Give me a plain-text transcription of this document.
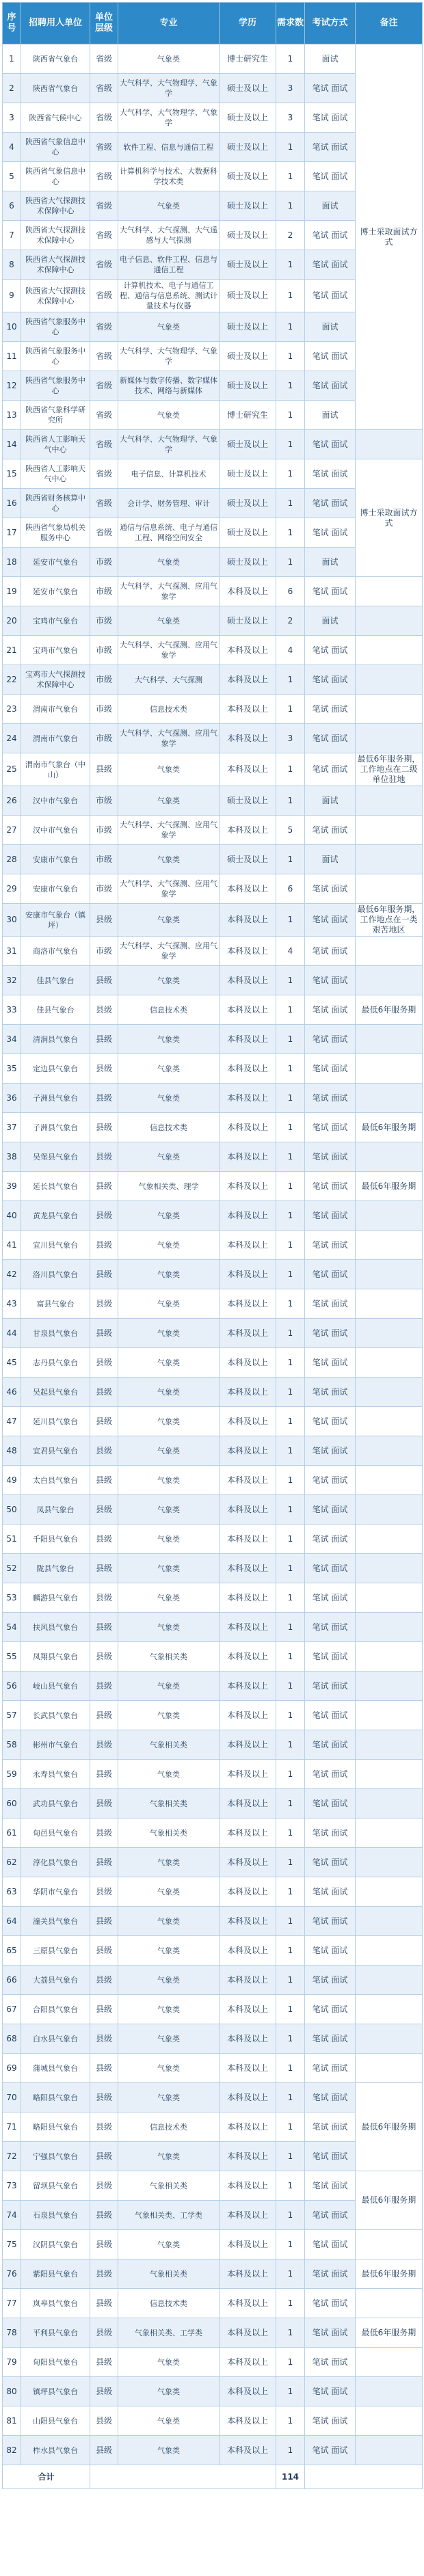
序号	招聘用人单位	单位层级	专业	学历	需求数	考试方式	备注
1	陕西省气象台	省级	气象类	博士研究生	1	面试	博士采取面试方式
2	陕西省气象台	省级	大气科学、大气物理学、气象学	硕士及以上	3	笔试 面试	
3	陕西省气候中心	省级	大气科学、大气物理学、气象学	硕士及以上	3	笔试 面试	
4	陕西省气象信息中心	省级	软件工程、信息与通信工程	硕士及以上	1	笔试 面试	
5	陕西省气象信息中心	省级	计算机科学与技术、大数据科学技术类	硕士及以上	1	笔试 面试	
6	陕西省大气探测技术保障中心	省级	气象类	硕士及以上	1	面试	
7	陕西省大气探测技术保障中心	省级	大气科学、大气探测、大气遥感与大气探测	硕士及以上	2	笔试 面试	
8	陕西省大气探测技术保障中心	省级	电子信息、软件工程、信息与通信工程	硕士及以上	1	笔试 面试	
9	陕西省大气探测技术保障中心	省级	计算机技术、电子与通信工程、通信与信息系统、测试计量技术与仪器	硕士及以上	1	笔试 面试	
10	陕西省气象服务中心	省级	气象类	硕士及以上	1	面试	
11	陕西省气象服务中心	省级	大气科学、大气物理学、气象学	硕士及以上	1	笔试 面试	
12	陕西省气象服务中心	省级	新媒体与数字传播、数字媒体技术、网络与新媒体	硕士及以上	1	笔试 面试	
13	陕西省气象科学研究所	省级	气象类	博士研究生	1	面试	
14	陕西省人工影响天气中心	省级	大气科学、大气物理学、气象学	硕士及以上	1	笔试 面试	
15	陕西省人工影响天气中心	省级	电子信息、计算机技术	硕士及以上	1	笔试 面试	博士采取面试方式
16	陕西省财务核算中心	省级	会计学、财务管理、审计	硕士及以上	1	笔试 面试	
17	陕西省气象局机关服务中心	省级	通信与信息系统、电子与通信工程、网络空间安全	硕士及以上	1	笔试 面试	
18	延安市气象台	市级	气象类	硕士及以上	1	面试	
19	延安市气象台	市级	大气科学、大气探测、应用气象学	本科及以上	6	笔试 面试	
20	宝鸡市气象台	市级	气象类	硕士及以上	2	面试	
21	宝鸡市气象台	市级	大气科学、大气探测、应用气象学	本科及以上	4	笔试 面试	
22	宝鸡市大气探测技术保障中心	市级	大气科学、大气探测	本科及以上	1	笔试 面试	
23	渭南市气象台	市级	信息技术类	本科及以上	1	笔试 面试	
24	渭南市气象台	市级	大气科学、大气探测、应用气象学	本科及以上	3	笔试 面试	
25	渭南市气象台（中山）	县级	气象类	本科及以上	1	笔试 面试	最低6年服务期，工作地点在二级单位驻地
26	汉中市气象台	市级	气象类	硕士及以上	1	面试	
27	汉中市气象台	市级	大气科学、大气探测、应用气象学	本科及以上	5	笔试 面试	
28	安康市气象台	市级	气象类	硕士及以上	1	面试	
29	安康市气象台	市级	大气科学、大气探测、应用气象学	本科及以上	6	笔试 面试	
30	安康市气象台（镇坪）	县级	气象类	本科及以上	1	笔试 面试	最低6年服务期，工作地点在一类艰苦地区
31	商洛市气象台	市级	大气科学、大气探测、应用气象学	本科及以上	4	笔试 面试	
32	佳县气象台	县级	气象类	本科及以上	1	笔试 面试	
33	佳县气象台	县级	信息技术类	本科及以上	1	笔试 面试	最低6年服务期
34	清涧县气象台	县级	气象类	本科及以上	1	笔试 面试	
35	定边县气象台	县级	气象类	本科及以上	1	笔试 面试	
36	子洲县气象台	县级	气象类	本科及以上	1	笔试 面试	
37	子洲县气象台	县级	信息技术类	本科及以上	1	笔试 面试	最低6年服务期
38	吴堡县气象台	县级	气象类	本科及以上	1	笔试 面试	
39	延长县气象台	县级	气象相关类、理学	本科及以上	1	笔试 面试	最低6年服务期
40	黄龙县气象台	县级	气象类	本科及以上	1	笔试 面试	
41	宜川县气象台	县级	气象类	本科及以上	1	笔试 面试	
42	洛川县气象台	县级	气象类	本科及以上	1	笔试 面试	
43	富县气象台	县级	气象类	本科及以上	1	笔试 面试	
44	甘泉县气象台	县级	气象类	本科及以上	1	笔试 面试	
45	志丹县气象台	县级	气象类	本科及以上	1	笔试 面试	
46	吴起县气象台	县级	气象类	本科及以上	1	笔试 面试	
47	延川县气象台	县级	气象类	本科及以上	1	笔试 面试	
48	宜君县气象台	县级	气象类	本科及以上	1	笔试 面试	
49	太白县气象台	县级	气象类	本科及以上	1	笔试 面试	
50	凤县气象台	县级	气象类	本科及以上	1	笔试 面试	
51	千阳县气象台	县级	气象类	本科及以上	1	笔试 面试	
52	陇县气象台	县级	气象类	本科及以上	1	笔试 面试	
53	麟游县气象台	县级	气象类	本科及以上	1	笔试 面试	
54	扶风县气象台	县级	气象类	本科及以上	1	笔试 面试	
55	凤翔县气象台	县级	气象相关类	本科及以上	1	笔试 面试	
56	岐山县气象台	县级	气象类	本科及以上	1	笔试 面试	
57	长武县气象台	县级	气象类	本科及以上	1	笔试 面试	
58	彬州市气象台	县级	气象相关类	本科及以上	1	笔试 面试	
59	永寿县气象台	县级	气象类	本科及以上	1	笔试 面试	
60	武功县气象台	县级	气象相关类	本科及以上	1	笔试 面试	
61	旬邑县气象台	县级	气象相关类	本科及以上	1	笔试 面试	
62	淳化县气象台	县级	气象类	本科及以上	1	笔试 面试	
63	华阴市气象台	县级	气象类	本科及以上	1	笔试 面试	
64	潼关县气象台	县级	气象类	本科及以上	1	笔试 面试	
65	三原县气象台	县级	气象类	本科及以上	1	笔试 面试	
66	大荔县气象台	县级	气象类	本科及以上	1	笔试 面试	
67	合阳县气象台	县级	气象类	本科及以上	1	笔试 面试	
68	白水县气象台	县级	气象类	本科及以上	1	笔试 面试	
69	蒲城县气象台	县级	气象类	本科及以上	1	笔试 面试	
70	略阳县气象台	县级	气象类	本科及以上	1	笔试 面试	最低6年服务期
71	略阳县气象台	县级	信息技术类	本科及以上	1	笔试 面试	
72	宁强县气象台	县级	气象类	本科及以上	1	笔试 面试	
73	留坝县气象台	县级	气象相关类	本科及以上	1	笔试 面试	最低6年服务期
74	石泉县气象台	县级	气象相关类、工学类	本科及以上	1	笔试 面试	
75	汉阴县气象台	县级	气象类	本科及以上	1	笔试 面试	
76	紫阳县气象台	县级	气象相关类	本科及以上	1	笔试 面试	最低6年服务期
77	岚皋县气象台	县级	信息技术类	本科及以上	1	笔试 面试	
78	平利县气象台	县级	气象相关类、工学类	本科及以上	1	笔试 面试	最低6年服务期
79	旬阳县气象台	县级	气象类	本科及以上	1	笔试 面试	
80	镇坪县气象台	县级	气象类	本科及以上	1	笔试 面试	
81	山阳县气象台	县级	气象类	本科及以上	1	笔试 面试	
82	柞水县气象台	县级	气象类	本科及以上	1	笔试 面试	
合计					114		
